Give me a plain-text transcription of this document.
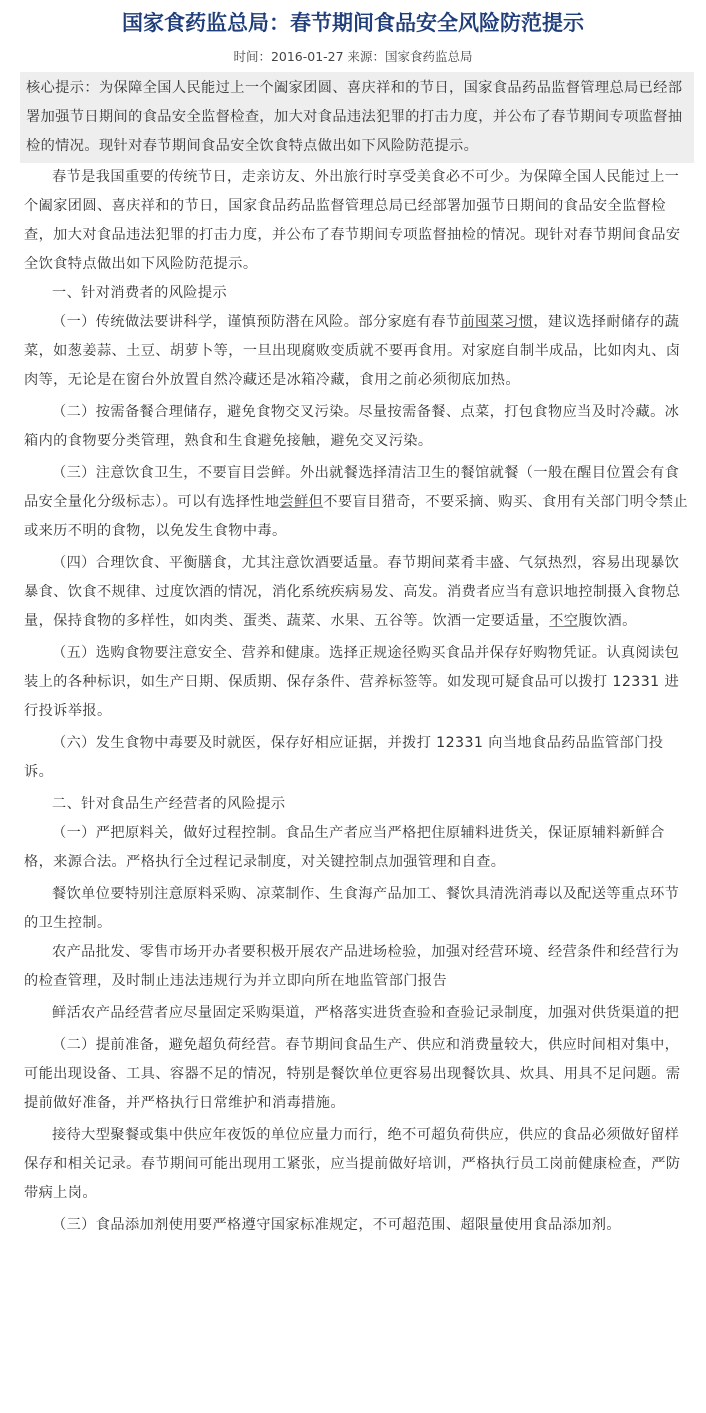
国家食药监总局：春节期间食品安全风险防范提示
时间：2016-01-27 来源：国家食药监总局
核心提示：为保障全国人民能过上一个阖家团圆、喜庆祥和的节日，国家食品药品监督管理总局已经部署加强节日期间的食品安全监督检查，加大对食品违法犯罪的打击力度，并公布了春节期间专项监督抽检的情况。现针对春节期间食品安全饮食特点做出如下风险防范提示。

春节是我国重要的传统节日，走亲访友、外出旅行时享受美食必不可少。为保障全国人民能过上一个阖家团圆、喜庆祥和的节日，国家食品药品监督管理总局已经部署加强节日期间的食品安全监督检查，加大对食品违法犯罪的打击力度，并公布了春节期间专项监督抽检的情况。现针对春节期间食品安全饮食特点做出如下风险防范提示。

一、针对消费者的风险提示

（一）传统做法要讲科学，谨慎预防潜在风险。部分家庭有春节前囤菜习惯，建议选择耐储存的蔬菜，如葱姜蒜、土豆、胡萝卜等，一旦出现腐败变质就不要再食用。对家庭自制半成品，比如肉丸、卤肉等，无论是在窗台外放置自然冷藏还是冰箱冷藏，食用之前必须彻底加热。

（二）按需备餐合理储存，避免食物交叉污染。尽量按需备餐、点菜，打包食物应当及时冷藏。冰箱内的食物要分类管理，熟食和生食避免接触，避免交叉污染。

（三）注意饮食卫生，不要盲目尝鲜。外出就餐选择清洁卫生的餐馆就餐（一般在醒目位置会有食品安全量化分级标志）。可以有选择性地尝鲜但不要盲目猎奇，不要采摘、购买、食用有关部门明令禁止或来历不明的食物，以免发生食物中毒。

（四）合理饮食、平衡膳食，尤其注意饮酒要适量。春节期间菜肴丰盛、气氛热烈，容易出现暴饮暴食、饮食不规律、过度饮酒的情况，消化系统疾病易发、高发。消费者应当有意识地控制摄入食物总量，保持食物的多样性，如肉类、蛋类、蔬菜、水果、五谷等。饮酒一定要适量，不空腹饮酒。

（五）选购食物要注意安全、营养和健康。选择正规途径购买食品并保存好购物凭证。认真阅读包装上的各种标识，如生产日期、保质期、保存条件、营养标签等。如发现可疑食品可以拨打 12331 进行投诉举报。

（六）发生食物中毒要及时就医，保存好相应证据，并拨打 12331 向当地食品药品监管部门投诉。

二、针对食品生产经营者的风险提示

（一）严把原料关，做好过程控制。食品生产者应当严格把住原辅料进货关，保证原辅料新鲜合格，来源合法。严格执行全过程记录制度，对关键控制点加强管理和自查。

餐饮单位要特别注意原料采购、凉菜制作、生食海产品加工、餐饮具清洗消毒以及配送等重点环节的卫生控制。

农产品批发、零售市场开办者要积极开展农产品进场检验，加强对经营环境、经营条件和经营行为的检查管理，及时制止违法违规行为并立即向所在地监管部门报告

鲜活农产品经营者应尽量固定采购渠道，严格落实进货查验和查验记录制度，加强对供货渠道的把

（二）提前准备，避免超负荷经营。春节期间食品生产、供应和消费量较大，供应时间相对集中，可能出现设备、工具、容器不足的情况，特别是餐饮单位更容易出现餐饮具、炊具、用具不足问题。需提前做好准备，并严格执行日常维护和消毒措施。

接待大型聚餐或集中供应年夜饭的单位应量力而行，绝不可超负荷供应，供应的食品必须做好留样保存和相关记录。春节期间可能出现用工紧张，应当提前做好培训，严格执行员工岗前健康检查，严防带病上岗。

（三）食品添加剂使用要严格遵守国家标准规定，不可超范围、超限量使用食品添加剂。
